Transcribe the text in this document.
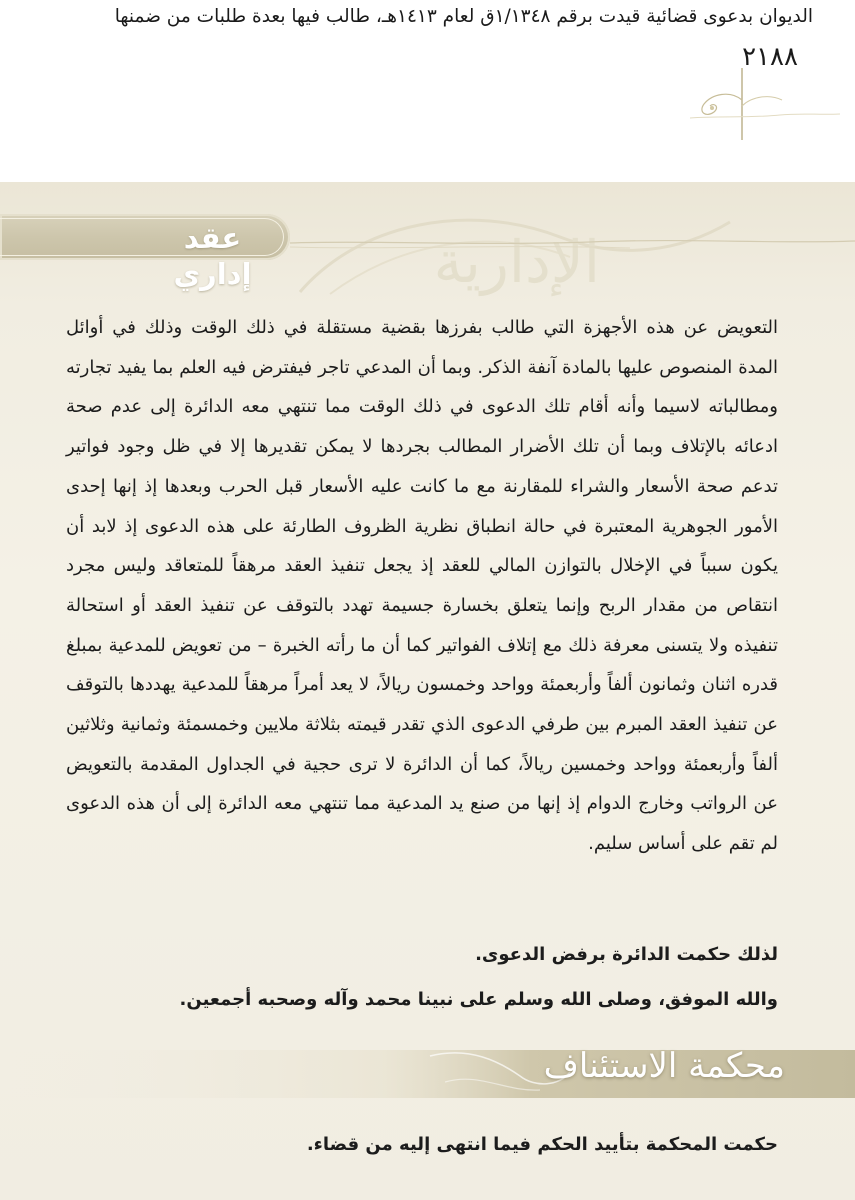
الديوان بدعوى قضائية قيدت برقم ١/١٣٤٨ق لعام ١٤١٣هـ، طالب فيها بعدة طلبات من ضمنها
٢١٨٨
الإدارية
عقد إداري

التعويض عن هذه الأجهزة التي طالب بفرزها بقضية مستقلة في ذلك الوقت وذلك في أوائل المدة المنصوص عليها بالمادة آنفة الذكر. وبما أن المدعي تاجر فيفترض فيه العلم بما يفيد تجارته ومطالباته لاسيما وأنه أقام تلك الدعوى في ذلك الوقت مما تنتهي معه الدائرة إلى عدم صحة ادعائه بالإتلاف وبما أن تلك الأضرار المطالب بجردها لا يمكن تقديرها إلا في ظل وجود فواتير تدعم صحة الأسعار والشراء للمقارنة مع ما كانت عليه الأسعار قبل الحرب وبعدها إذ إنها إحدى الأمور الجوهرية المعتبرة في حالة انطباق نظرية الظروف الطارئة على هذه الدعوى إذ لابد أن يكون سبباً في الإخلال بالتوازن المالي للعقد إذ يجعل تنفيذ العقد مرهقاً للمتعاقد وليس مجرد انتقاص من مقدار الربح وإنما يتعلق بخسارة جسيمة تهدد بالتوقف عن تنفيذ العقد أو استحالة تنفيذه ولا يتسنى معرفة ذلك مع إتلاف الفواتير كما أن ما رأته الخبرة – من تعويض للمدعية بمبلغ قدره اثنان وثمانون ألفاً وأربعمئة وواحد وخمسون ريالاً، لا يعد أمراً مرهقاً للمدعية يهددها بالتوقف عن تنفيذ العقد المبرم بين طرفي الدعوى الذي تقدر قيمته بثلاثة ملايين وخمسمئة وثمانية وثلاثين ألفاً وأربعمئة وواحد وخمسين ريالاً، كما أن الدائرة لا ترى حجية في الجداول المقدمة بالتعويض عن الرواتب وخارج الدوام إذ إنها من صنع يد المدعية مما تنتهي معه الدائرة إلى أن هذه الدعوى لم تقم على أساس سليم.

لذلك حكمت الدائرة برفض الدعوى.
والله الموفق، وصلى الله وسلم على نبينا محمد وآله وصحبه أجمعين.
محكمة الاستئناف
حكمت المحكمة بتأييد الحكم فيما انتهى إليه من قضاء.
